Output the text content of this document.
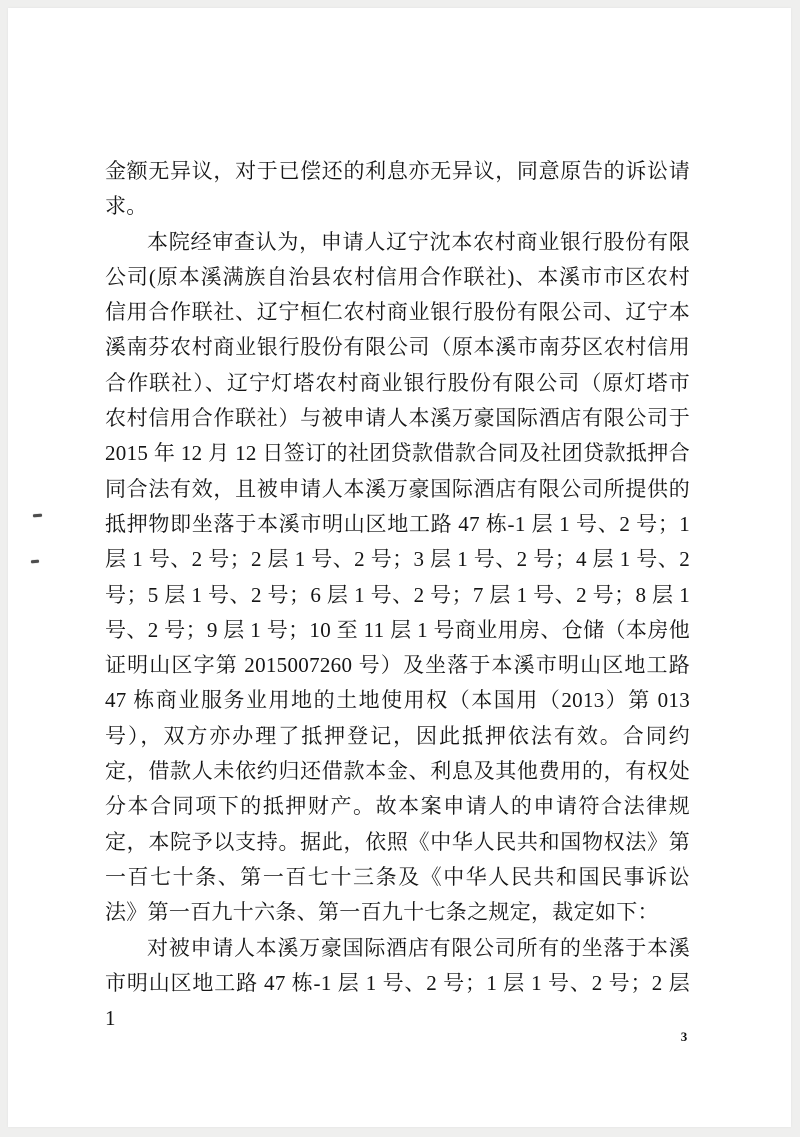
金额无异议，对于已偿还的利息亦无异议，同意原告的诉讼请求。

本院经审查认为，申请人辽宁沈本农村商业银行股份有限公司(原本溪满族自治县农村信用合作联社)、本溪市市区农村信用合作联社、辽宁桓仁农村商业银行股份有限公司、辽宁本溪南芬农村商业银行股份有限公司（原本溪市南芬区农村信用合作联社）、辽宁灯塔农村商业银行股份有限公司（原灯塔市农村信用合作联社）与被申请人本溪万豪国际酒店有限公司于 2015 年 12 月 12 日签订的社团贷款借款合同及社团贷款抵押合同合法有效，且被申请人本溪万豪国际酒店有限公司所提供的抵押物即坐落于本溪市明山区地工路 47 栋-1 层 1 号、2 号；1 层 1 号、2 号；2 层 1 号、2 号；3 层 1 号、2 号；4 层 1 号、2 号；5 层 1 号、2 号；6 层 1 号、2 号；7 层 1 号、2 号；8 层 1 号、2 号；9 层 1 号；10 至 11 层 1 号商业用房、仓储（本房他证明山区字第 2015007260 号）及坐落于本溪市明山区地工路 47 栋商业服务业用地的土地使用权（本国用（2013）第 013 号），双方亦办理了抵押登记，因此抵押依法有效。合同约定，借款人未依约归还借款本金、利息及其他费用的，有权处分本合同项下的抵押财产。故本案申请人的申请符合法律规定，本院予以支持。据此，依照《中华人民共和国物权法》第一百七十条、第一百七十三条及《中华人民共和国民事诉讼法》第一百九十六条、第一百九十七条之规定，裁定如下：

对被申请人本溪万豪国际酒店有限公司所有的坐落于本溪市明山区地工路 47 栋-1 层 1 号、2 号；1 层 1 号、2 号；2 层 1

3
